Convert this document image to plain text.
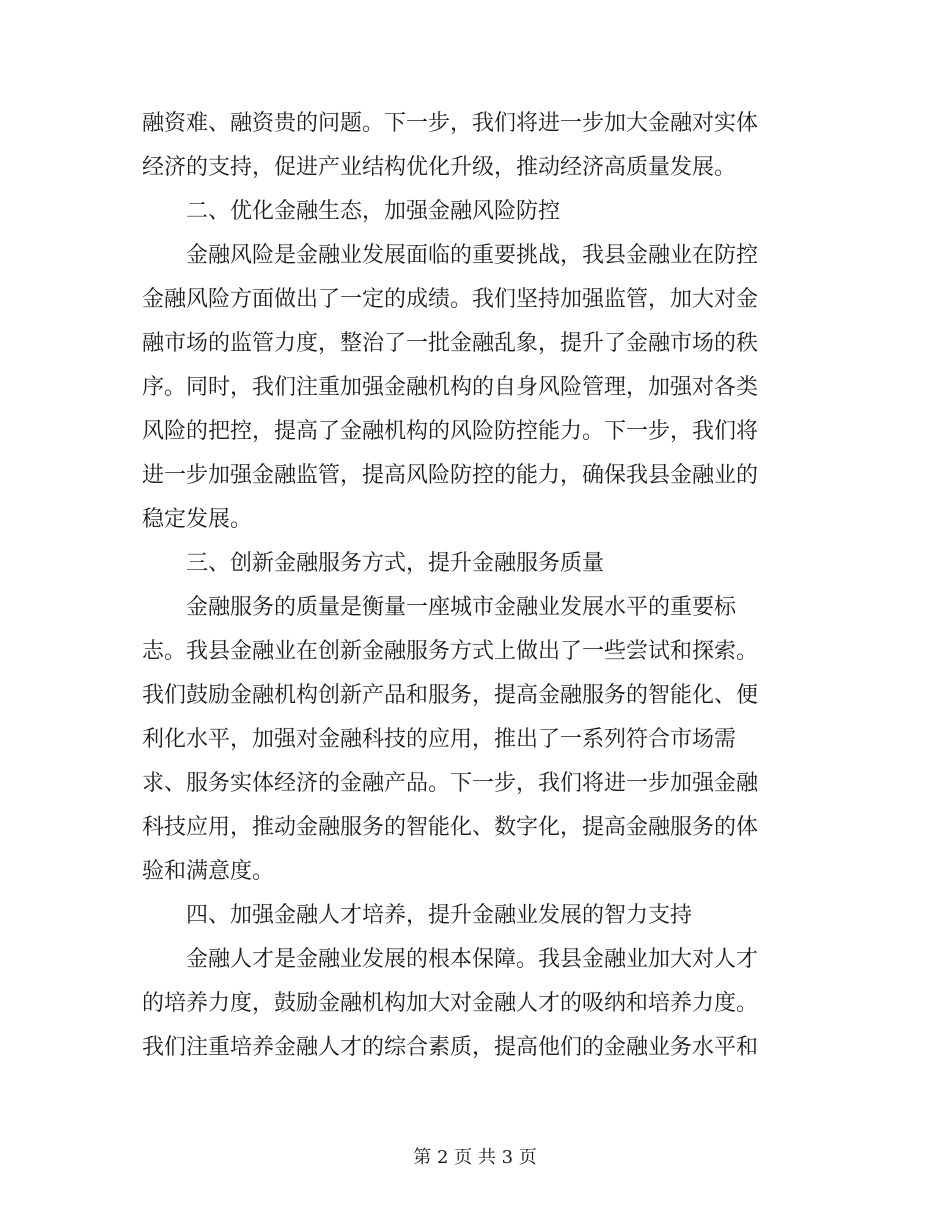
融资难、融资贵的问题。下一步，我们将进一步加大金融对实体
经济的支持，促进产业结构优化升级，推动经济高质量发展。
二、优化金融生态，加强金融风险防控
金融风险是金融业发展面临的重要挑战，我县金融业在防控
金融风险方面做出了一定的成绩。我们坚持加强监管，加大对金
融市场的监管力度，整治了一批金融乱象，提升了金融市场的秩
序。同时，我们注重加强金融机构的自身风险管理，加强对各类
风险的把控，提高了金融机构的风险防控能力。下一步，我们将
进一步加强金融监管，提高风险防控的能力，确保我县金融业的
稳定发展。
三、创新金融服务方式，提升金融服务质量
金融服务的质量是衡量一座城市金融业发展水平的重要标
志。我县金融业在创新金融服务方式上做出了一些尝试和探索。
我们鼓励金融机构创新产品和服务，提高金融服务的智能化、便
利化水平，加强对金融科技的应用，推出了一系列符合市场需
求、服务实体经济的金融产品。下一步，我们将进一步加强金融
科技应用，推动金融服务的智能化、数字化，提高金融服务的体
验和满意度。
四、加强金融人才培养，提升金融业发展的智力支持
金融人才是金融业发展的根本保障。我县金融业加大对人才
的培养力度，鼓励金融机构加大对金融人才的吸纳和培养力度。
我们注重培养金融人才的综合素质，提高他们的金融业务水平和
第 2 页 共 3 页
